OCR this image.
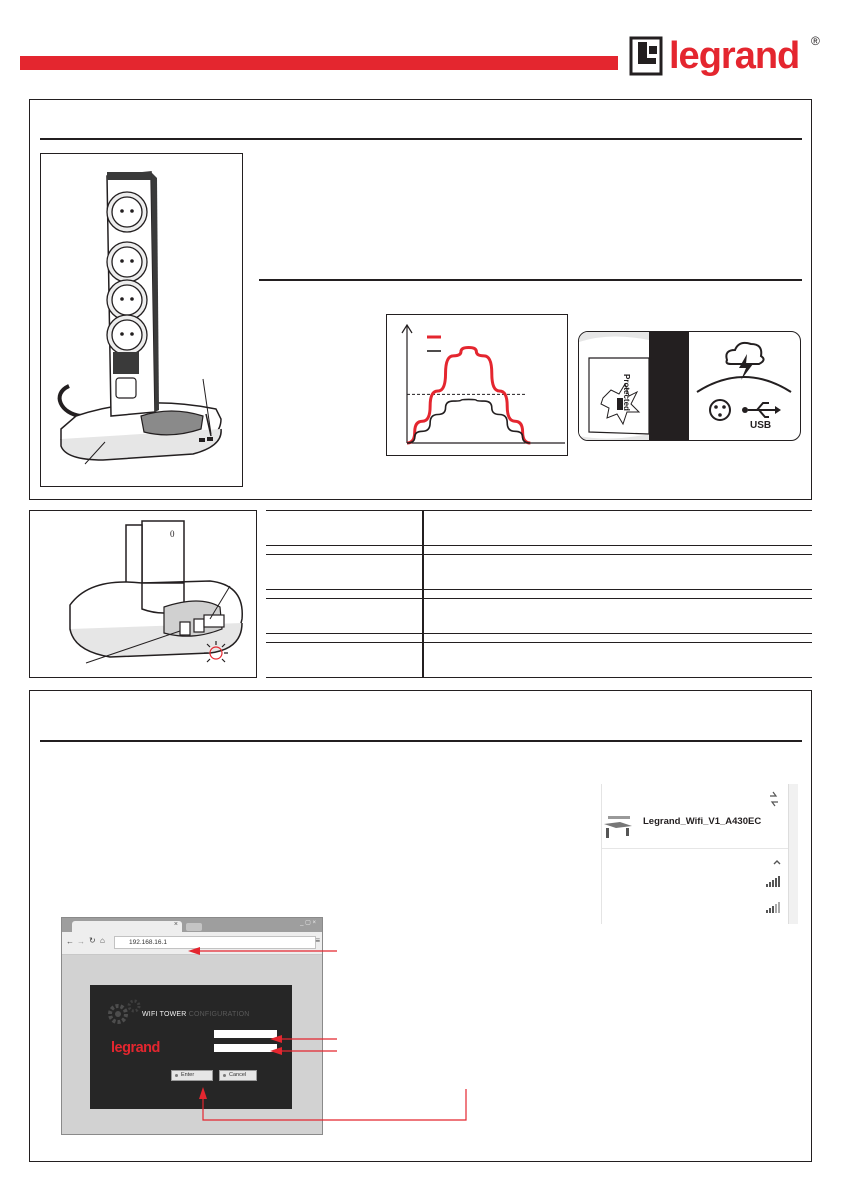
legrand ®
Protected
USB
0
Legrand_Wifi_V1_A430EC
×	_ ▢ ×
← → ↻ ⌂	192.168.16.1	≡
WIFI TOWER CONFIGURATION
legrand
Enter	Cancel
